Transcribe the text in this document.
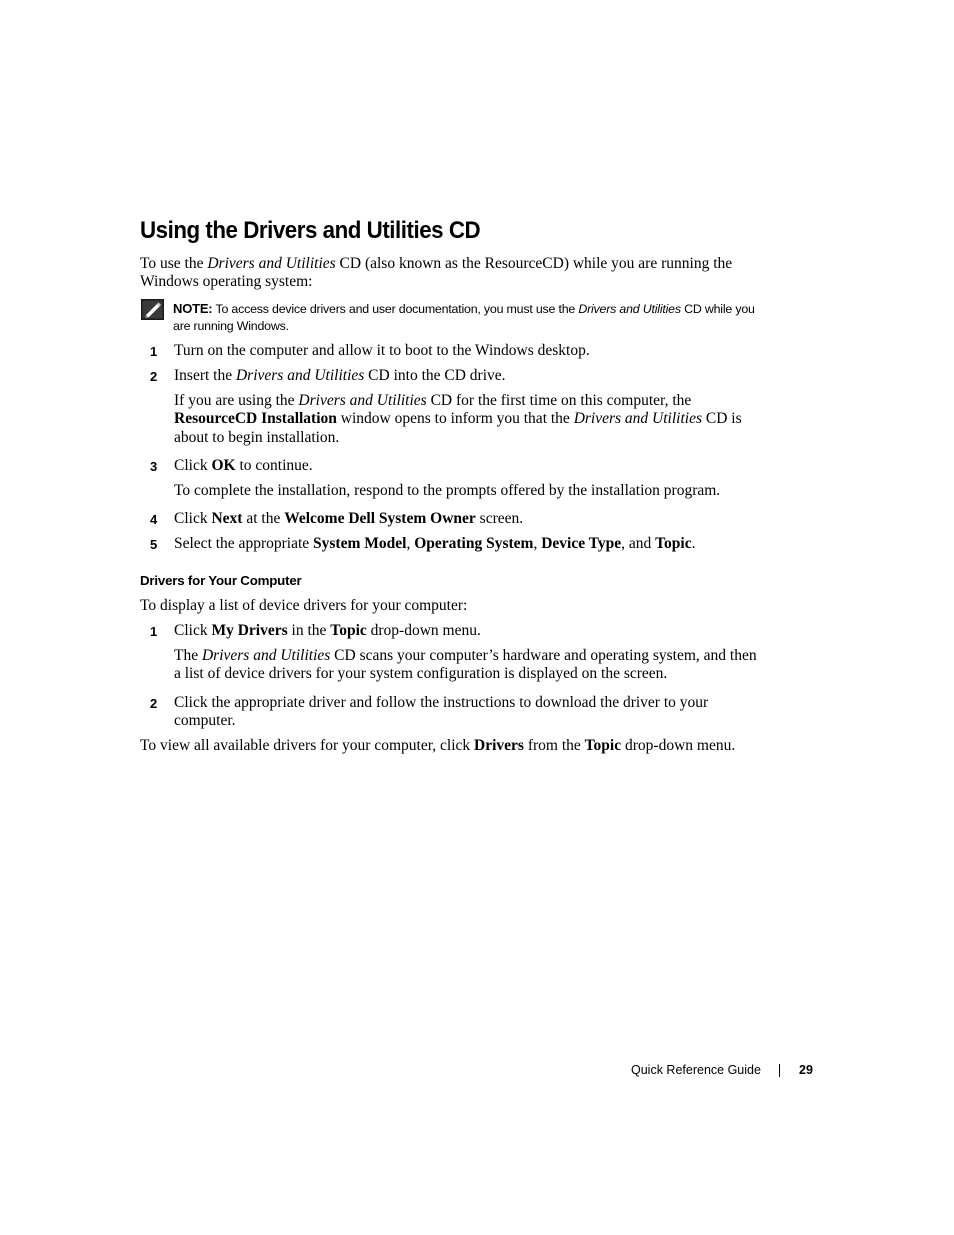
Using the Drivers and Utilities CD

To use the Drivers and Utilities CD (also known as the ResourceCD) while you are running the Windows operating system:

NOTE: To access device drivers and user documentation, you must use the Drivers and Utilities CD while you are running Windows.

1	Turn on the computer and allow it to boot to the Windows desktop.

2	Insert the Drivers and Utilities CD into the CD drive.

If you are using the Drivers and Utilities CD for the first time on this computer, the ResourceCD Installation window opens to inform you that the Drivers and Utilities CD is about to begin installation.

3	Click OK to continue.

To complete the installation, respond to the prompts offered by the installation program.

4	Click Next at the Welcome Dell System Owner screen.

5	Select the appropriate System Model, Operating System, Device Type, and Topic.

Drivers for Your Computer

To display a list of device drivers for your computer:

1	Click My Drivers in the Topic drop-down menu.

The Drivers and Utilities CD scans your computer’s hardware and operating system, and then a list of device drivers for your system configuration is displayed on the screen.

2	Click the appropriate driver and follow the instructions to download the driver to your computer.

To view all available drivers for your computer, click Drivers from the Topic drop-down menu.

Quick Reference Guide	29
